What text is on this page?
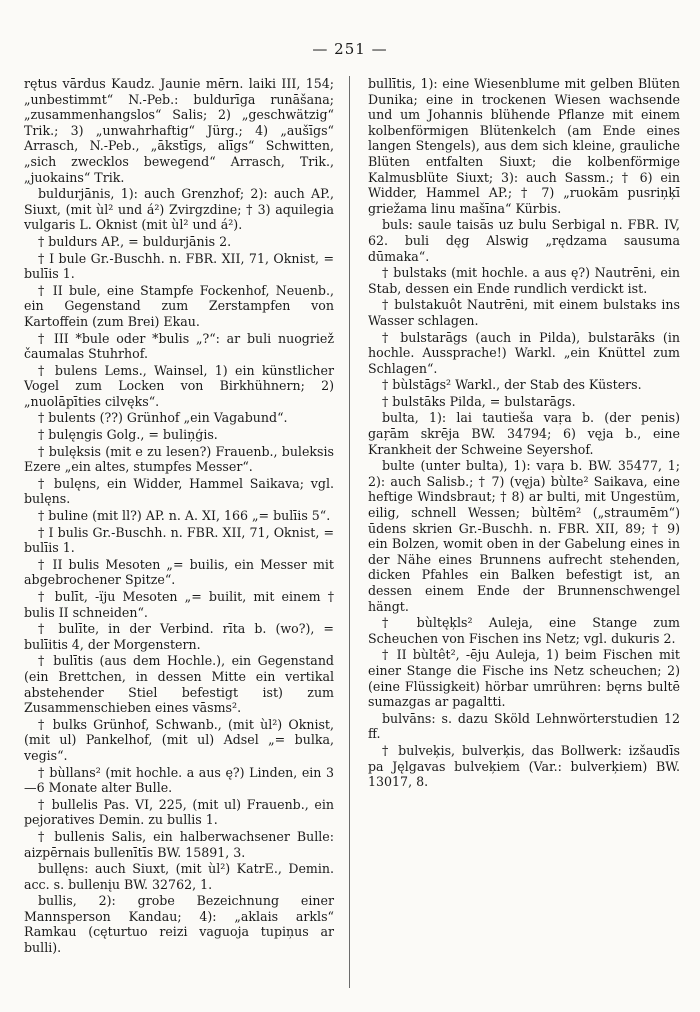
— 251 —

rętus vārdus Kaudz. Jaunie mērn. laiki III, 154; „unbestimmt“ N.-Peb.: buldurīga runāšana; „zusammenhangslos“ Salis; 2) „geschwätzig“ Trik.; 3) „unwahrhaftig“ Jürg.; 4) „aušīgs“ Arrasch, N.-Peb., „ākstīgs, alīgs“ Schwitten, „sich zwecklos bewegend“ Arrasch, Trik., „juokains“ Trik.

buldurjānis, 1): auch Grenzhof; 2): auch AP., Siuxt, (mit ùl² und á²) Zvirgzdine; † 3) aquilegia vulgaris L. Oknist (mit ùl² und á²).

† buldurs AP., = buldurjānis 2.

† I bule Gr.-Buschh. n. FBR. XII, 71, Oknist, = bulīis 1.

† II bule, eine Stampfe Fockenhof, Neuenb., ein Gegenstand zum Zerstampfen von Kartoffein (zum Brei) Ekau.

† III *bule oder *bulis „?“: ar buli nuogriež čaumalas Stuhrhof.

† bulens Lems., Wainsel, 1) ein künstlicher Vogel zum Locken von Birkhühnern; 2) „nuolāpīties cilvęks“.

† bulents (??) Grünhof „ein Vagabund“.

† bulęngis Golg., = buliņģis.

† bulęksis (mit e zu lesen?) Frauenb., buleksis Ezere „ein altes, stumpfes Messer“.

† bulęns, ein Widder, Hammel Saikava; vgl. bulęns.

† buline (mit ll?) AP. n. A. XI, 166 „= bulīis 5“.

† I bulis Gr.-Buschh. n. FBR. XII, 71, Oknist, = bulīis 1.

† II bulis Mesoten „= builis, ein Messer mit abgebrochener Spitze“.

† bulīt, -ïju Mesoten „= builit, mit einem † bulis II schneiden“.

† bulīte, in der Verbind. rīta b. (wo?), = bulīitis 4, der Morgenstern.

† bulītis (aus dem Hochle.), ein Gegenstand (ein Brettchen, in dessen Mitte ein vertikal abstehender Stiel befestigt ist) zum Zusammenschieben eines vāsms².

† bulks Grünhof, Schwanb., (mit ùl²) Oknist, (mit ul) Pankelhof, (mit ul) Adsel „= bulka, vegis“.

† bùllans² (mit hochle. a aus ę?) Linden, ein 3—6 Monate alter Bulle.

† bullelis Pas. VI, 225, (mit ul) Frauenb., ein pejoratives Demin. zu bullis 1.

† bullenis Salis, ein halberwachsener Bulle: aizpērnais bullenītīs BW. 15891, 3.

bullęns: auch Siuxt, (mit ùl²) KatrE., Demin. acc. s. bullenįu BW. 32762, 1.

bullis, 2): grobe Bezeichnung einer Mannsperson Kandau; 4): „aklais arkls“ Ramkau (cęturtuo reizi vaguoja tupiņus ar bulli).

bullītis, 1): eine Wiesenblume mit gelben Blüten Dunika; eine in trockenen Wiesen wachsende und um Johannis blühende Pflanze mit einem kolbenförmigen Blütenkelch (am Ende eines langen Stengels), aus dem sich kleine, grauliche Blüten entfalten Siuxt; die kolbenförmige Kalmusblüte Siuxt; 3): auch Sassm.; † 6) ein Widder, Hammel AP.; † 7) „ruokām pusriņķī griežama linu mašīna“ Kürbis.

buls: saule taisās uz bulu Serbigal n. FBR. IV, 62. buli dęg Alswig „rędzama sausuma dūmaka“.

† bulstaks (mit hochle. a aus ę?) Nautrēni, ein Stab, dessen ein Ende rundlich verdickt ist.

† bulstakuôt Nautrēni, mit einem bulstaks ins Wasser schlagen.

† bulstarāgs (auch in Pilda), bulstarāks (in hochle. Aussprache!) Warkl. „ein Knüttel zum Schlagen“.

† bùlstāgs² Warkl., der Stab des Küsters.

† bulstāks Pilda, = bulstarāgs.

bulta, 1): lai tautieša vaṛa b. (der penis) gaṛām skrēja BW. 34794; 6) vęja b., eine Krankheit der Schweine Seyershof.

bulte (unter bulta), 1): vaṛa b. BW. 35477, 1; 2): auch Salisb.; † 7) (vęja) bùlte² Saikava, eine heftige Windsbraut; † 8) ar bulti, mit Ungestüm, eilig, schnell Wessen; bùltēm² („straumēm“) ūdens skrien Gr.-Buschh. n. FBR. XII, 89; † 9) ein Bolzen, womit oben in der Gabelung eines in der Nähe eines Brunnens aufrecht stehenden, dicken Pfahles ein Balken befestigt ist, an dessen einem Ende der Brunnenschwengel hängt.

† bùltęķls² Auleja, eine Stange zum Scheuchen von Fischen ins Netz; vgl. dukuris 2.

† II bùltêt², -ēju Auleja, 1) beim Fischen mit einer Stange die Fische ins Netz scheuchen; 2) (eine Flüssigkeit) hörbar umrühren: bęrns bultē sumazgas ar pagaltti.

bulvāns: s. dazu Sköld Lehnwörterstudien 12 ff.

† bulveķis, bulverķis, das Bollwerk: izšaudīs pa Jęlgavas bulveķiem (Var.: bulverķiem) BW. 13017, 8.
